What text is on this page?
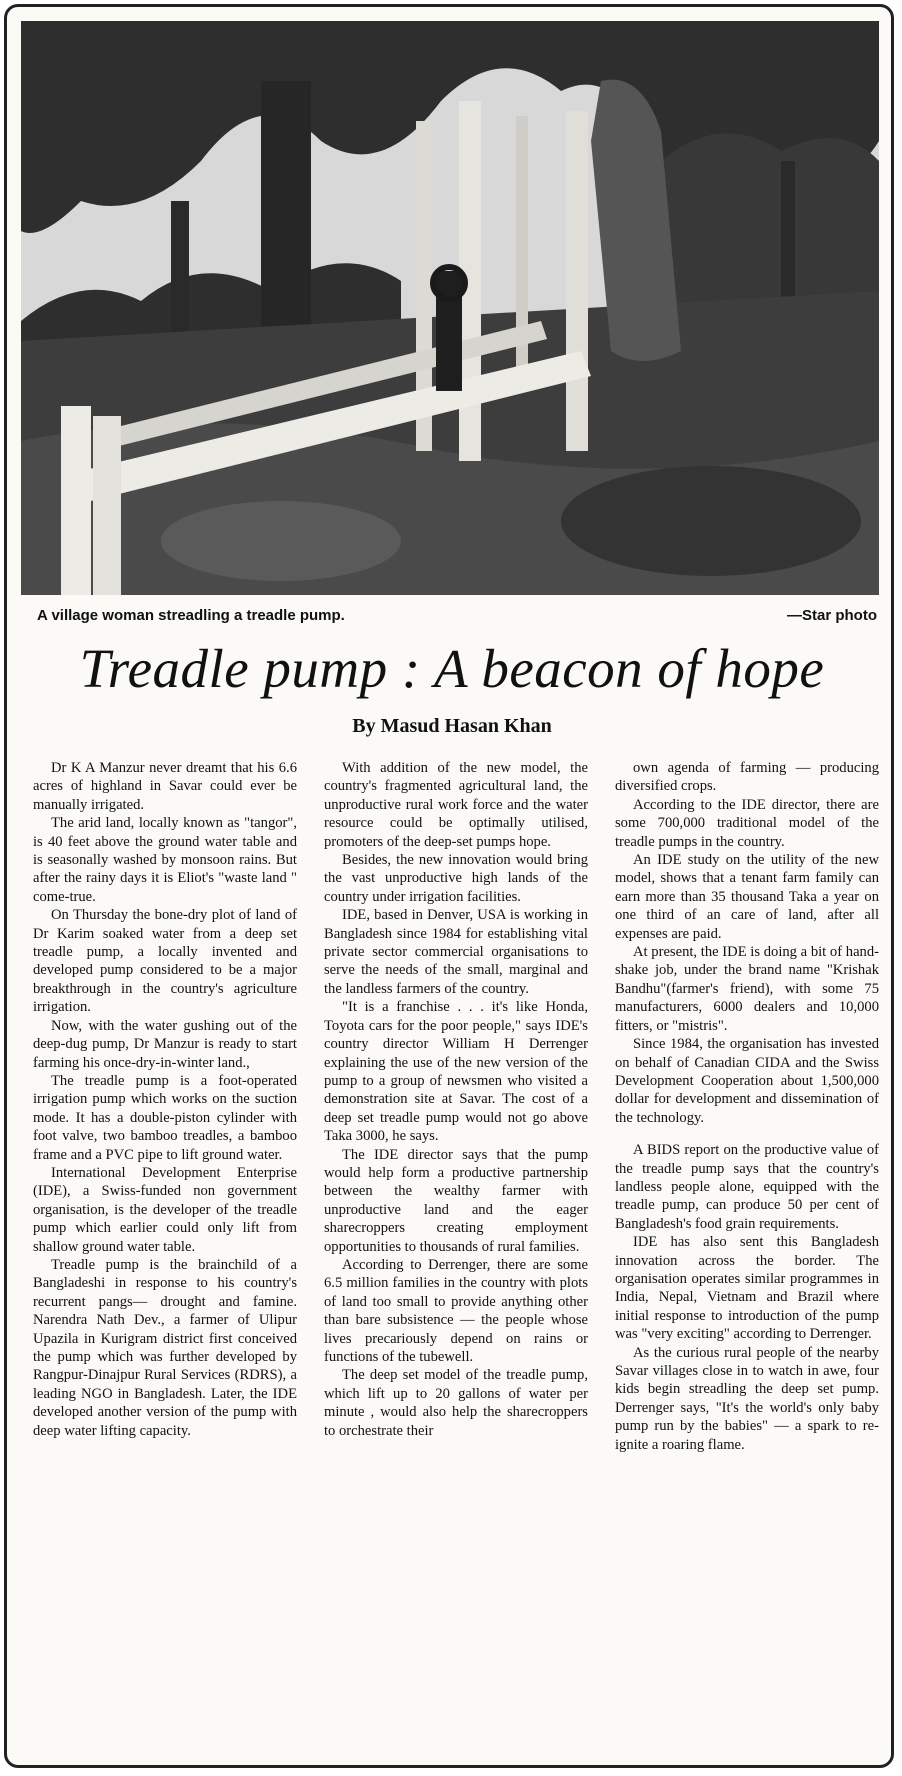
A village woman streadling a treadle pump.	—Star photo
Treadle pump : A beacon of hope
By Masud Hasan Khan

Dr K A Manzur never dreamt that his 6.6 acres of highland in Savar could ever be manually irrigated.

The arid land, locally known as "tangor", is 40 feet above the ground water table and is seasonally washed by monsoon rains. But after the rainy days it is Eliot's "waste land " come-true.

On Thursday the bone-dry plot of land of Dr Karim soaked water from a deep set treadle pump, a locally invented and developed pump considered to be a major breakthrough in the country's agriculture irrigation.

Now, with the water gushing out of the deep-dug pump, Dr Manzur is ready to start farming his once-dry-in-winter land.,

The treadle pump is a foot-operated irrigation pump which works on the suction mode. It has a double-piston cylinder with foot valve, two bamboo treadles, a bamboo frame and a PVC pipe to lift ground water.

International Development Enterprise (IDE), a Swiss-funded non government organisation, is the developer of the treadle pump which earlier could only lift from shallow ground water table.

Treadle pump is the brainchild of a Bangladeshi in response to his country's recurrent pangs— drought and famine. Narendra Nath Dev., a farmer of Ulipur Upazila in Kurigram district first conceived the pump which was further developed by Rangpur-Dinajpur Rural Services (RDRS), a leading NGO in Bangladesh. Later, the IDE developed another version of the pump with deep water lifting capacity.

With addition of the new model, the country's fragmented agricultural land, the unproductive rural work force and the water resource could be optimally utilised, promoters of the deep-set pumps hope.

Besides, the new innovation would bring the vast unproductive high lands of the country under irrigation facilities.

IDE, based in Denver, USA is working in Bangladesh since 1984 for establishing vital private sector commercial organisations to serve the needs of the small, marginal and the landless farmers of the country.

"It is a franchise . . . it's like Honda, Toyota cars for the poor people," says IDE's country director William H Derrenger explaining the use of the new version of the pump to a group of newsmen who visited a demonstration site at Savar. The cost of a deep set treadle pump would not go above Taka 3000, he says.

The IDE director says that the pump would help form a productive partnership between the wealthy farmer with unproductive land and the eager sharecroppers creating employment opportunities to thousands of rural families.

According to Derrenger, there are some 6.5 million families in the country with plots of land too small to provide anything other than bare subsistence — the people whose lives precariously depend on rains or functions of the tubewell.

The deep set model of the treadle pump, which lift up to 20 gallons of water per minute , would also help the sharecroppers to orchestrate their

own agenda of farming — producing diversified crops.

According to the IDE director, there are some 700,000 traditional model of the treadle pumps in the country.

An IDE study on the utility of the new model, shows that a tenant farm family can earn more than 35 thousand Taka a year on one third of an care of land, after all expenses are paid.

At present, the IDE is doing a bit of hand-shake job, under the brand name "Krishak Bandhu"(farmer's friend), with some 75 manufacturers, 6000 dealers and 10,000 fitters, or "mistris".

Since 1984, the organisation has invested on behalf of Canadian CIDA and the Swiss Development Cooperation about 1,500,000 dollar for development and dissemination of the technology.

A BIDS report on the productive value of the treadle pump says that the country's landless people alone, equipped with the treadle pump, can produce 50 per cent of Bangladesh's food grain requirements.

IDE has also sent this Bangladesh innovation across the border. The organisation operates similar programmes in India, Nepal, Vietnam and Brazil where initial response to introduction of the pump was "very exciting" according to Derrenger.

As the curious rural people of the nearby Savar villages close in to watch in awe, four kids begin streadling the deep set pump. Derrenger says, "It's the world's only baby pump run by the babies" — a spark to re-ignite a roaring flame.
